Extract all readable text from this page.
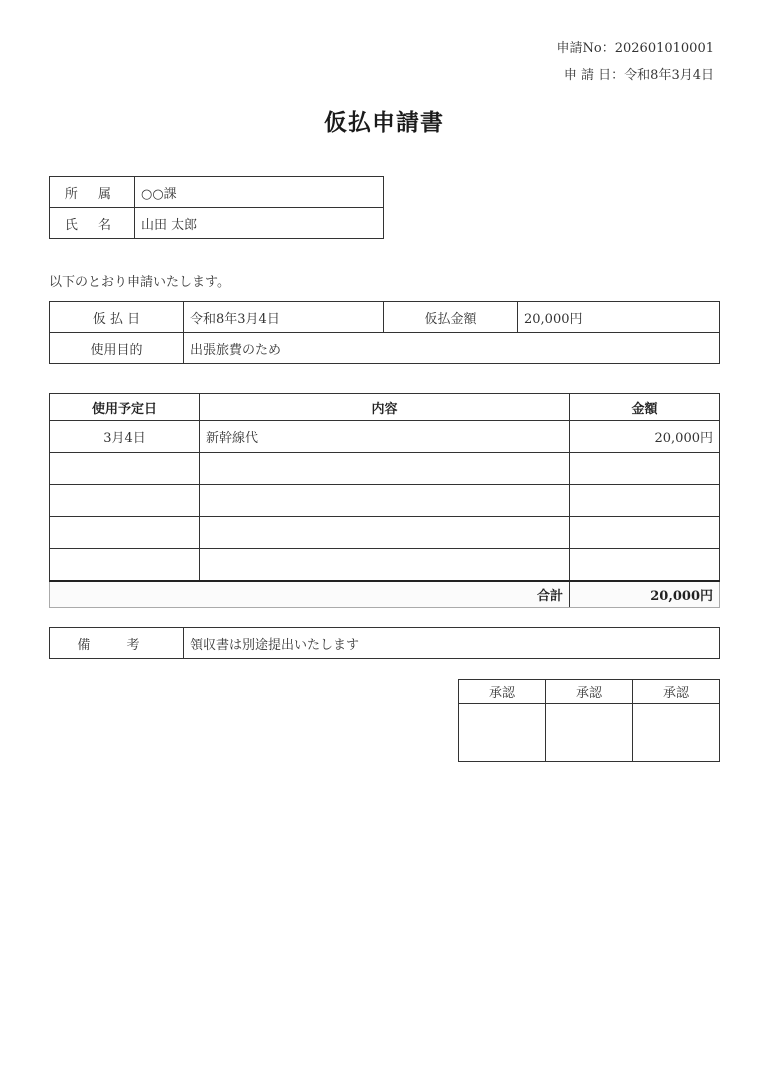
申請No：202601010001
申 請 日：令和8年3月4日
仮払申請書
所 属	○○課
氏 名	山田 太郎
以下のとおり申請いたします。
仮 払 日	令和8年3月4日	仮払金額	20,000円
使用目的	出張旅費のため		
使用予定日	内容	金額
3月4日	新幹線代	20,000円

合計		20,000円
備 考	領収書は別途提出いたします
承認	承認	承認
